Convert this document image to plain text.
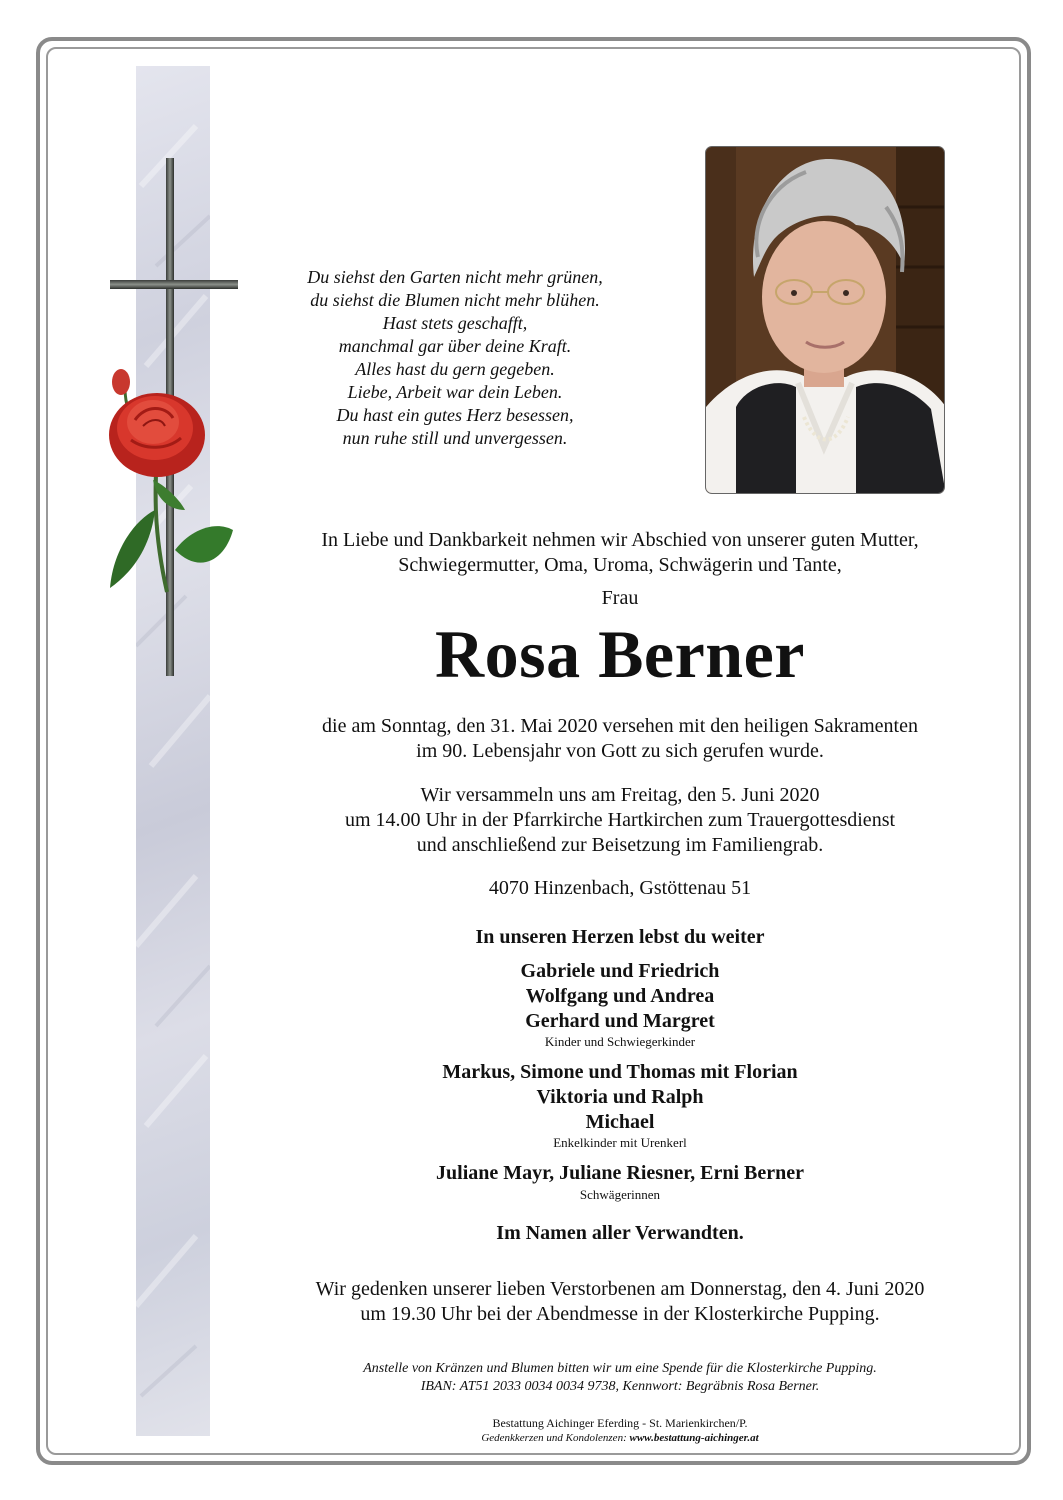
Du siehst den Garten nicht mehr grünen,
du siehst die Blumen nicht mehr blühen.
Hast stets geschafft,
manchmal gar über deine Kraft.
Alles hast du gern gegeben.
Liebe, Arbeit war dein Leben.
Du hast ein gutes Herz besessen,
nun ruhe still und unvergessen.
In Liebe und Dankbarkeit nehmen wir Abschied von unserer guten Mutter,
Schwiegermutter, Oma, Uroma, Schwägerin und Tante,
Frau
Rosa Berner
die am Sonntag, den 31. Mai 2020 versehen mit den heiligen Sakramenten
im 90. Lebensjahr von Gott zu sich gerufen wurde.
Wir versammeln uns am Freitag, den 5. Juni 2020
um 14.00 Uhr in der Pfarrkirche Hartkirchen zum Trauergottesdienst
und anschließend zur Beisetzung im Familiengrab.
4070 Hinzenbach, Gstöttenau 51
In unseren Herzen lebst du weiter
Gabriele und Friedrich
Wolfgang und Andrea
Gerhard und Margret
Kinder und Schwiegerkinder
Markus, Simone und Thomas mit Florian
Viktoria und Ralph
Michael
Enkelkinder mit Urenkerl
Juliane Mayr, Juliane Riesner, Erni Berner
Schwägerinnen
Im Namen aller Verwandten.
Wir gedenken unserer lieben Verstorbenen am Donnerstag, den 4. Juni 2020
um 19.30 Uhr bei der Abendmesse in der Klosterkirche Pupping.
Anstelle von Kränzen und Blumen bitten wir um eine Spende für die Klosterkirche Pupping.
IBAN: AT51 2033 0034 0034 9738, Kennwort: Begräbnis Rosa Berner.
Bestattung Aichinger Eferding - St. Marienkirchen/P.
Gedenkkerzen und Kondolenzen: www.bestattung-aichinger.at
